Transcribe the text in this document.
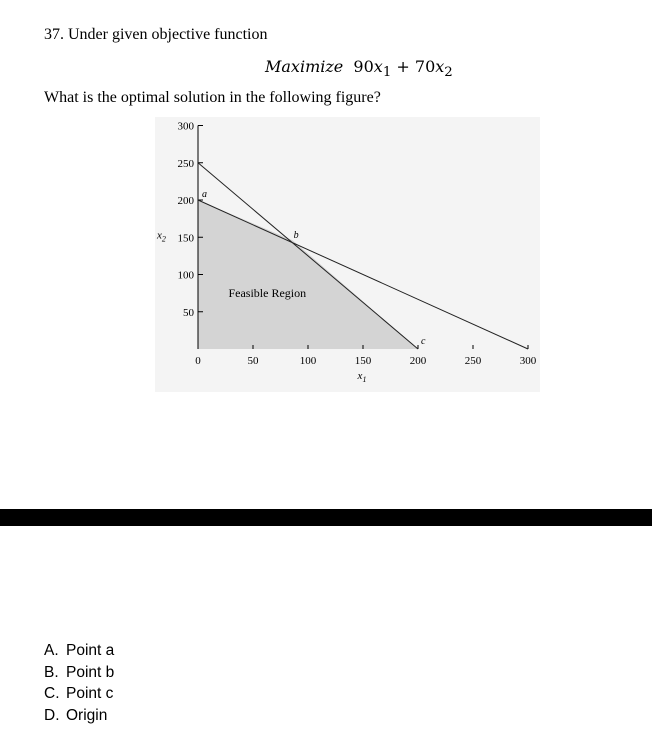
37. Under given objective function
Maximize $90x_1 + 70x_2$
What is the optimal solution in the following figure?
50
100
150
200
250
300
$x_2$
0	50	100	150	200	250	300
$x_1$
Feasible Region
a
b
c
A. Point a
B. Point b
C. Point c
D. Origin
